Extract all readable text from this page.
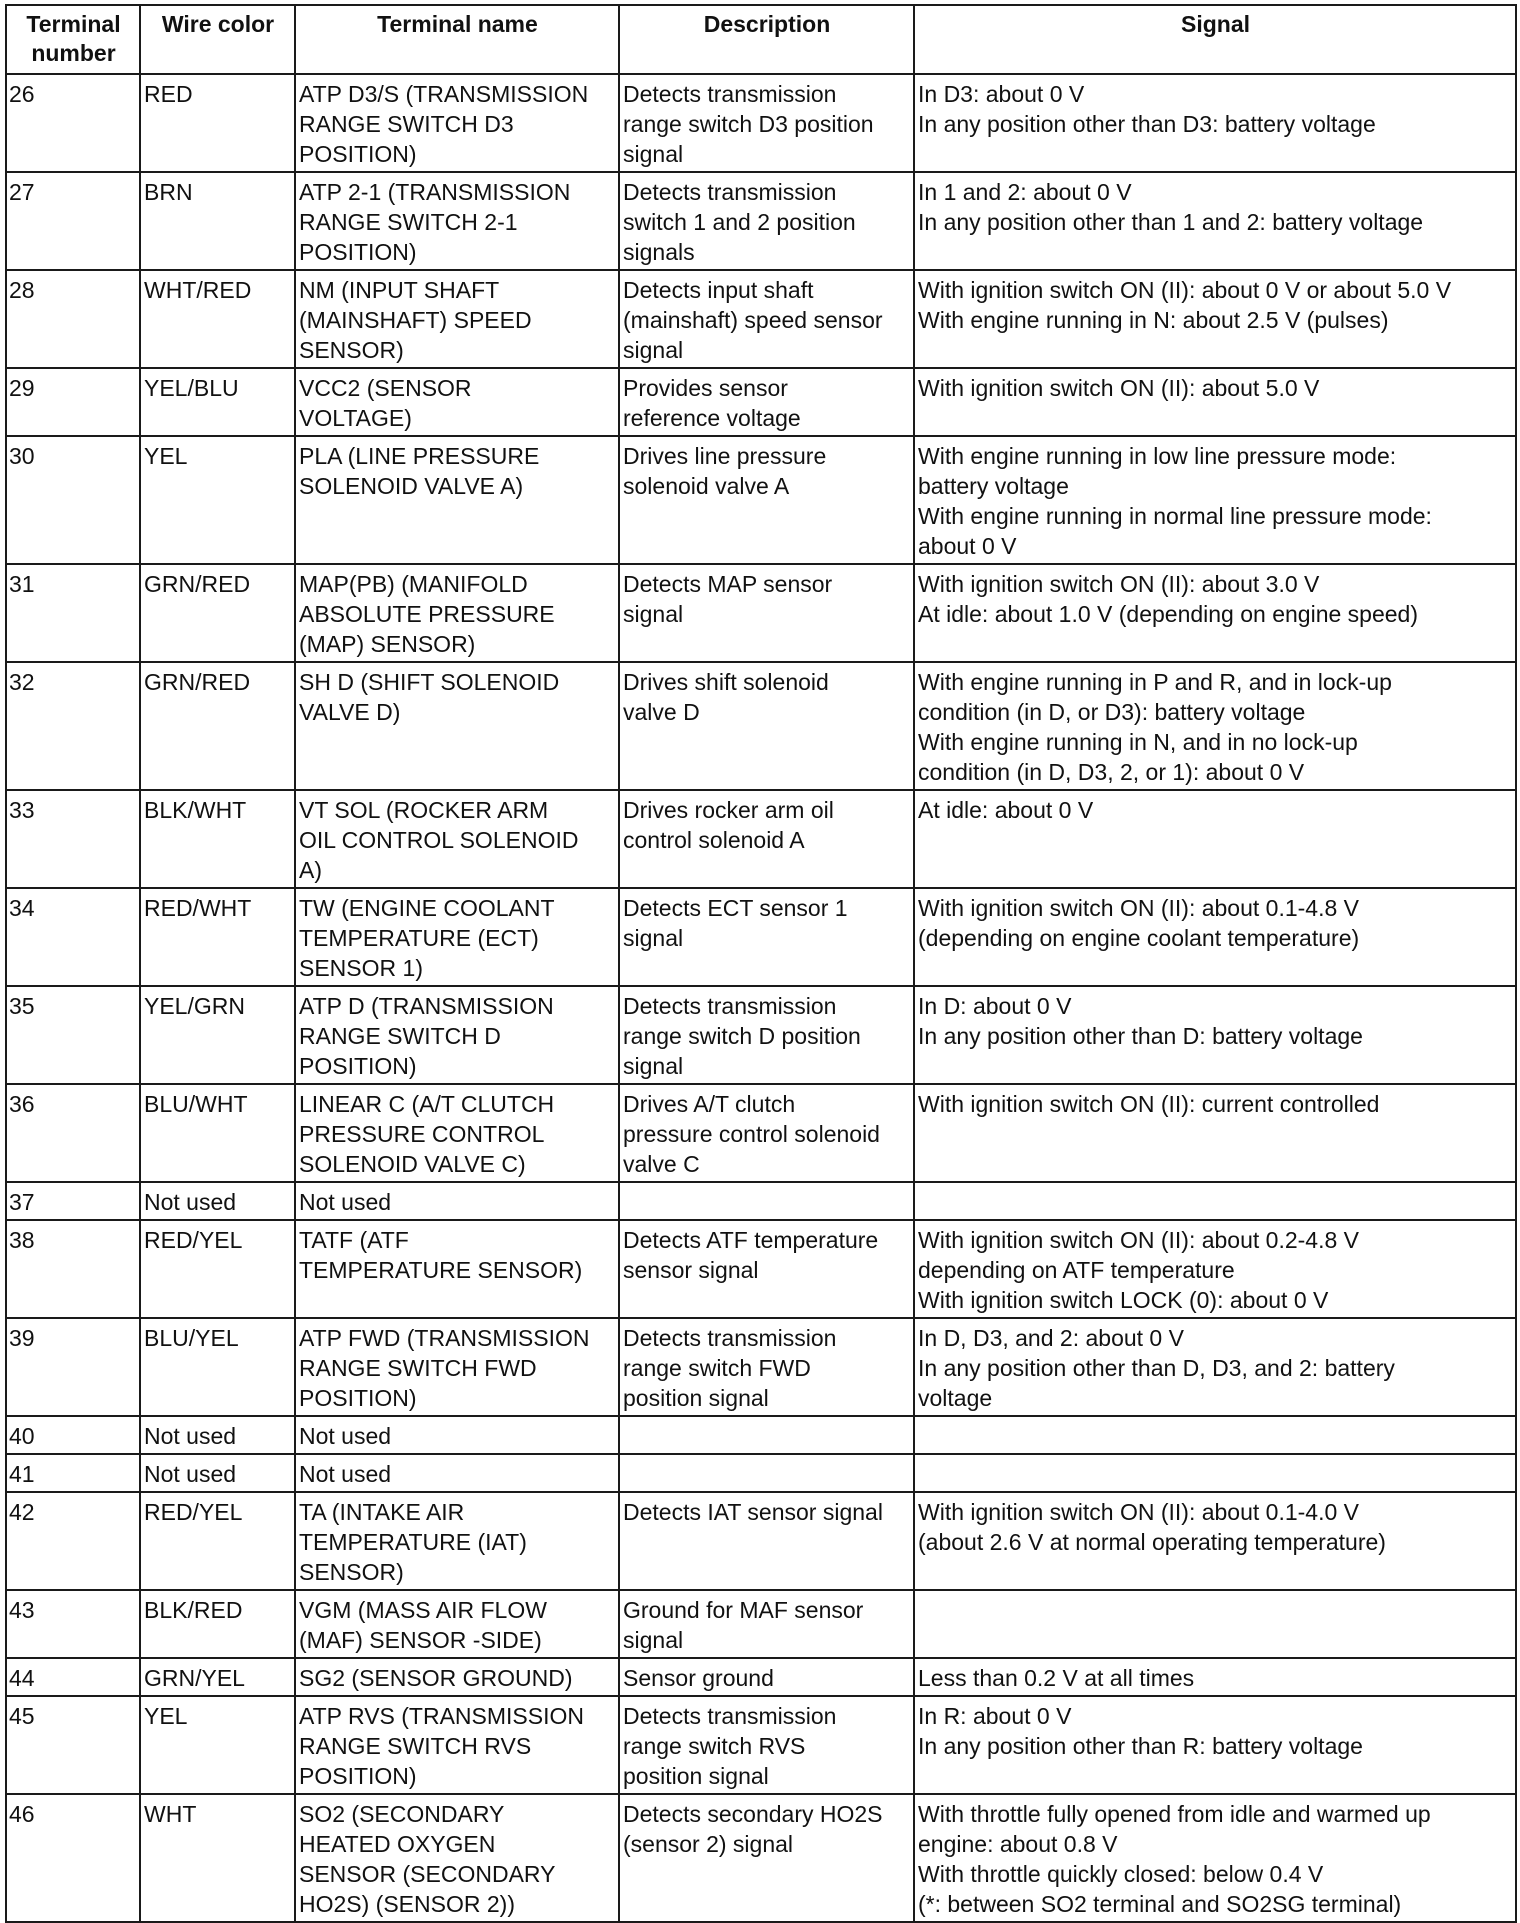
Terminal
number	Wire color	Terminal name	Description	Signal
26	RED	ATP D3/S (TRANSMISSION
RANGE SWITCH D3
POSITION)	Detects transmission
range switch D3 position
signal	In D3: about 0 V
In any position other than D3: battery voltage
27	BRN	ATP 2-1 (TRANSMISSION
RANGE SWITCH 2-1
POSITION)	Detects transmission
switch 1 and 2 position
signals	In 1 and 2: about 0 V
In any position other than 1 and 2: battery voltage
28	WHT/RED	NM (INPUT SHAFT
(MAINSHAFT) SPEED
SENSOR)	Detects input shaft
(mainshaft) speed sensor
signal	With ignition switch ON (II): about 0 V or about 5.0 V
With engine running in N: about 2.5 V (pulses)
29	YEL/BLU	VCC2 (SENSOR
VOLTAGE)	Provides sensor
reference voltage	With ignition switch ON (II): about 5.0 V
30	YEL	PLA (LINE PRESSURE
SOLENOID VALVE A)	Drives line pressure
solenoid valve A	With engine running in low line pressure mode:
battery voltage
With engine running in normal line pressure mode:
about 0 V
31	GRN/RED	MAP(PB) (MANIFOLD
ABSOLUTE PRESSURE
(MAP) SENSOR)	Detects MAP sensor
signal	With ignition switch ON (II): about 3.0 V
At idle: about 1.0 V (depending on engine speed)
32	GRN/RED	SH D (SHIFT SOLENOID
VALVE D)	Drives shift solenoid
valve D	With engine running in P and R, and in lock-up
condition (in D, or D3): battery voltage
With engine running in N, and in no lock-up
condition (in D, D3, 2, or 1): about 0 V
33	BLK/WHT	VT SOL (ROCKER ARM
OIL CONTROL SOLENOID
A)	Drives rocker arm oil
control solenoid A	At idle: about 0 V
34	RED/WHT	TW (ENGINE COOLANT
TEMPERATURE (ECT)
SENSOR 1)	Detects ECT sensor 1
signal	With ignition switch ON (II): about 0.1-4.8 V
(depending on engine coolant temperature)
35	YEL/GRN	ATP D (TRANSMISSION
RANGE SWITCH D
POSITION)	Detects transmission
range switch D position
signal	In D: about 0 V
In any position other than D: battery voltage
36	BLU/WHT	LINEAR C (A/T CLUTCH
PRESSURE CONTROL
SOLENOID VALVE C)	Drives A/T clutch
pressure control solenoid
valve C	With ignition switch ON (II): current controlled
37	Not used	Not used		
38	RED/YEL	TATF (ATF
TEMPERATURE SENSOR)	Detects ATF temperature
sensor signal	With ignition switch ON (II): about 0.2-4.8 V
depending on ATF temperature
With ignition switch LOCK (0): about 0 V
39	BLU/YEL	ATP FWD (TRANSMISSION
RANGE SWITCH FWD
POSITION)	Detects transmission
range switch FWD
position signal	In D, D3, and 2: about 0 V
In any position other than D, D3, and 2: battery
voltage
40	Not used	Not used		
41	Not used	Not used		
42	RED/YEL	TA (INTAKE AIR
TEMPERATURE (IAT)
SENSOR)	Detects IAT sensor signal	With ignition switch ON (II): about 0.1-4.0 V
(about 2.6 V at normal operating temperature)
43	BLK/RED	VGM (MASS AIR FLOW
(MAF) SENSOR -SIDE)	Ground for MAF sensor
signal	
44	GRN/YEL	SG2 (SENSOR GROUND)	Sensor ground	Less than 0.2 V at all times
45	YEL	ATP RVS (TRANSMISSION
RANGE SWITCH RVS
POSITION)	Detects transmission
range switch RVS
position signal	In R: about 0 V
In any position other than R: battery voltage
46	WHT	SO2 (SECONDARY
HEATED OXYGEN
SENSOR (SECONDARY
HO2S) (SENSOR 2))	Detects secondary HO2S
(sensor 2) signal	With throttle fully opened from idle and warmed up
engine: about 0.8 V
With throttle quickly closed: below 0.4 V
(*: between SO2 terminal and SO2SG terminal)
